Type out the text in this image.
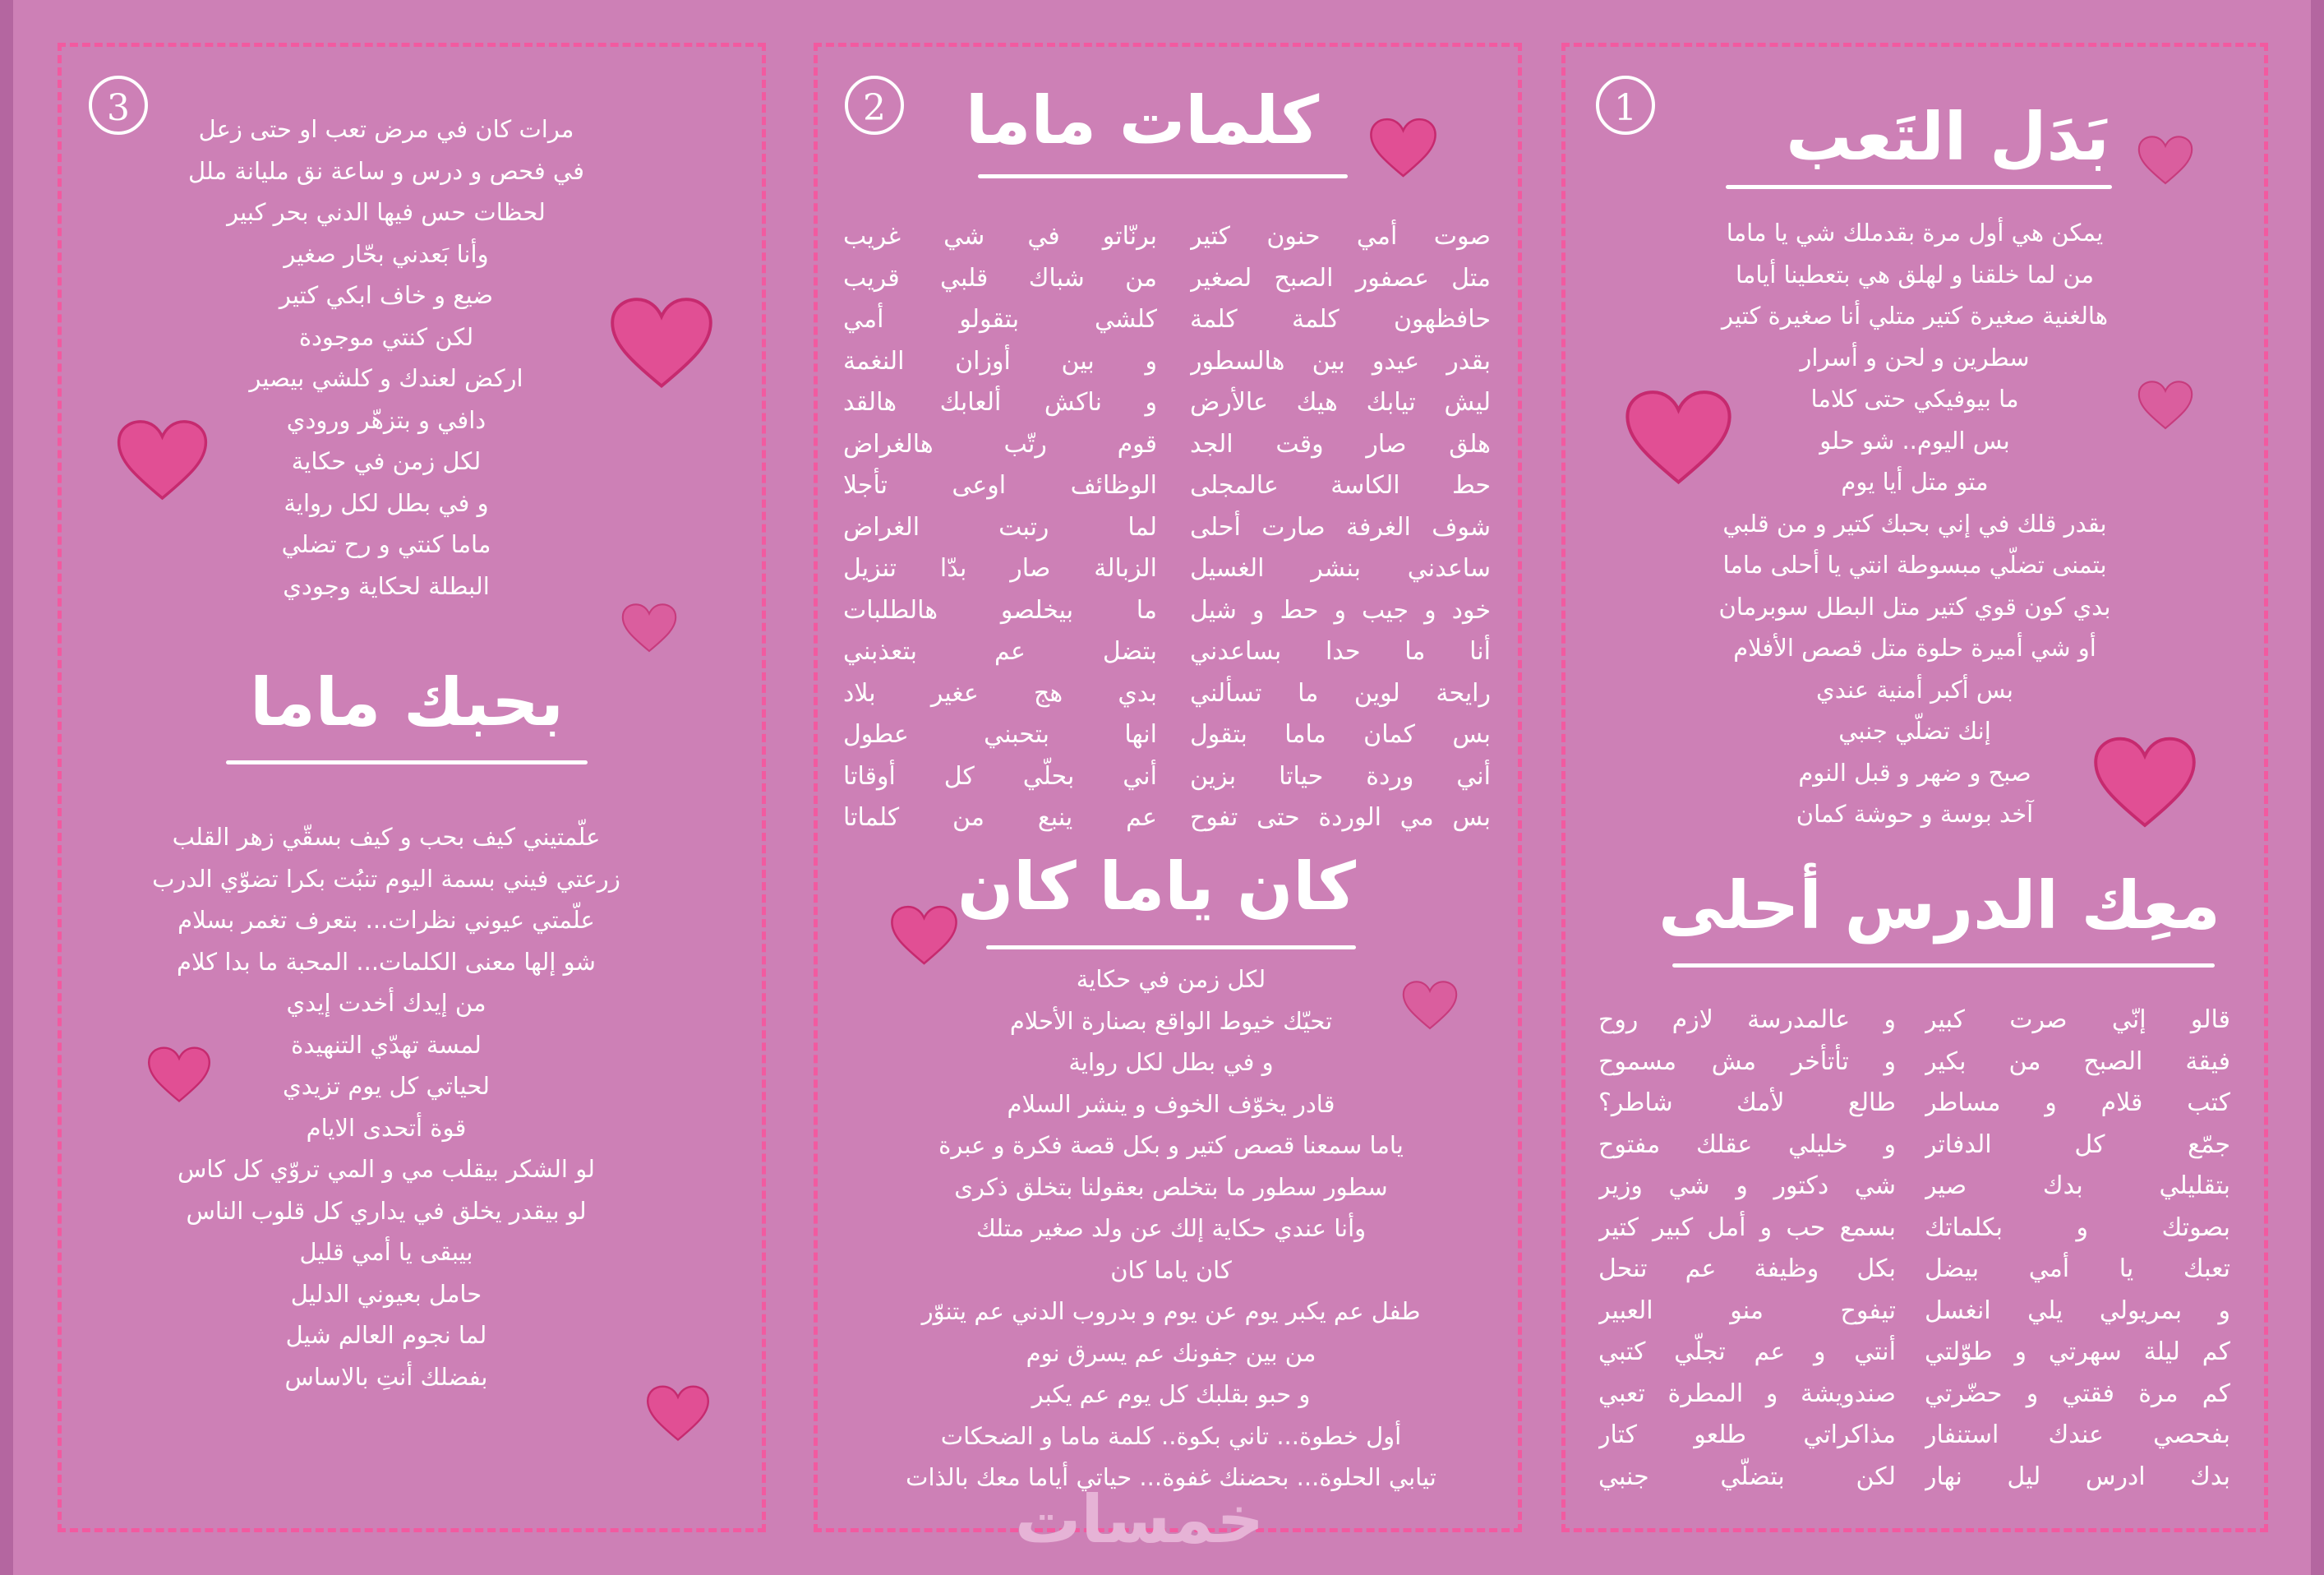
1	بَدَل التَعب
يمكن هي أول مرة بقدملك شي يا ماما
من لما خلقنا و لهلق هي بتعطينا أياما
هالغنية صغيرة كتير متلي أنا صغيرة كتير
سطرين و لحن و أسرار
ما بيوفيكي حتى كلاما
بس اليوم.. شو حلو
متو متل أيا يوم
بقدر قلك في إني بحبك كتير و من قلبي
بتمنى تضلّي مبسوطة انتي يا أحلى ماما
بدي كون قوي كتير متل البطل سوبرمان
أو شي أميرة حلوة متل قصص الأفلام
بس أكبر أمنية عندي
إنك تضلّي جنبي
صبح و ضهر و قبل النوم
آخد بوسة و حوشة كمان
معِك الدرس أحلى
قالو إنّي صرت كبير
فيقة الصبح من بكير
كتب قلام و مساطر
جمّع كل الدفاتر
بتقليلي بدك صير
بصوتك و بكلماتك
تعبك يا أمي بيضل
و بمريولي يلي انغسل
كم ليلة سهرتي و طوّلتي
كم مرة فقتي و حضّرتي
بفحصي عندك استنفار
بدك ادرس ليل نهار
و عالمدرسة لازم روح
و تأتأخر مش مسموح
طالع لأمك شاطر؟
و خليلي عقلك مفتوح
شي دكتور و شي وزير
بسمع حب و أمل كبير كتير
بكل وظيفة عم تنحل
تيفوح منو العبير
أنتي و عم تجلّي كتبي
صندويشة و المطرة تعبي
مذاكراتي طلعو كتار
لكن بتضلّي جنبي
2	كلمات ماما
صوت أمي حنون كتير
متل عصفور الصبح لصغير
حافظهون كلمة كلمة
بقدر عيدو بين هالسطور
ليش تيابك هيك عالأرض
هلق صار وقت الجد
حط الكاسة عالمجلى
شوف الغرفة صارت أحلى
ساعدني بنشر الغسيل
خود و جيب و حط و شيل
أنا ما حدا بساعدني
رايحة لوين ما تسألني
بس كمان ماما بتقول
أني وردة حياتا بزين
بس مي الوردة حتى تفوح
برنّاتو في شي غريب
من شباك قلبي قريب
كلشي بتقولو أمي
و بين أوزان النغمة
و ناكش ألعابك هالقد
قوم رتّب هالغراض
الوظائف اوعى تأجلا
لما رتبت الغراض
الزبالة صار بدّا تنزيل
ما بيخلصو هالطلبات
بتضل عم بتعذبني
بدي هج عغير بلاد
انها بتحبني عطول
أني بحلّي كل أوقاتا
عم ينبع من كلماتا
كان ياما كان
لكل زمن في حكاية
تحيّك خيوط الواقع بصنارة الأحلام
و في بطل لكل رواية
قادر يخوّف الخوف و ينشر السلام
ياما سمعنا قصص كتير و بكل قصة فكرة و عبرة
سطور سطور ما بتخلص بعقولنا بتخلق ذكرى
وأنا عندي حكاية إلك عن ولد صغير متلك
كان ياما كان
طفل عم يكبر يوم عن يوم و بدروب الدني عم يتنوّر
من بين جفونك عم يسرق نوم
و حبو بقلبك كل يوم عم يكبر
أول خطوة... تاني بكوة.. كلمة ماما و الضحكات
تيابي الحلوة... بحضنك غفوة... حياتي أياما معك بالذات
3	مرات كان في مرض تعب او حتى زعل
في فحص و درس و ساعة نق مليانة ملل
لحظات حس فيها الدني بحر كبير
وأنا بَعدني بحّار صغير
ضيع و خاف ابكي كتير
لكن كنتي موجودة
اركض لعندك و كلشي بيصير
دافي و بتزهّر ورودي
لكل زمن في حكاية
و في بطل لكل رواية
ماما كنتي و رح تضلي
البطلة لحكاية وجودي
بحبك ماما
علّمتيني كيف بحب و كيف بسقّي زهر القلب
زرعتي فيني بسمة اليوم تنبُت بكرا تضوّي الدرب
علّمتي عيوني نظرات... بتعرف تغمر بسلام
شو إلها معنى الكلمات... المحبة ما بدا كلام
من إيدك أخدت إيدي
لمسة تهدّي التنهيدة
لحياتي كل يوم تزيدي
قوة أتحدى الايام
لو الشكر بيقلب مي و المي تروّي كل كاس
لو بيقدر يخلق في يداري كل قلوب الناس
بيبقى يا أمي قليل
حامل بعيوني الدليل
لما نجوم العالم شيل
بفضلك أنتِ بالاساس
خمسات
